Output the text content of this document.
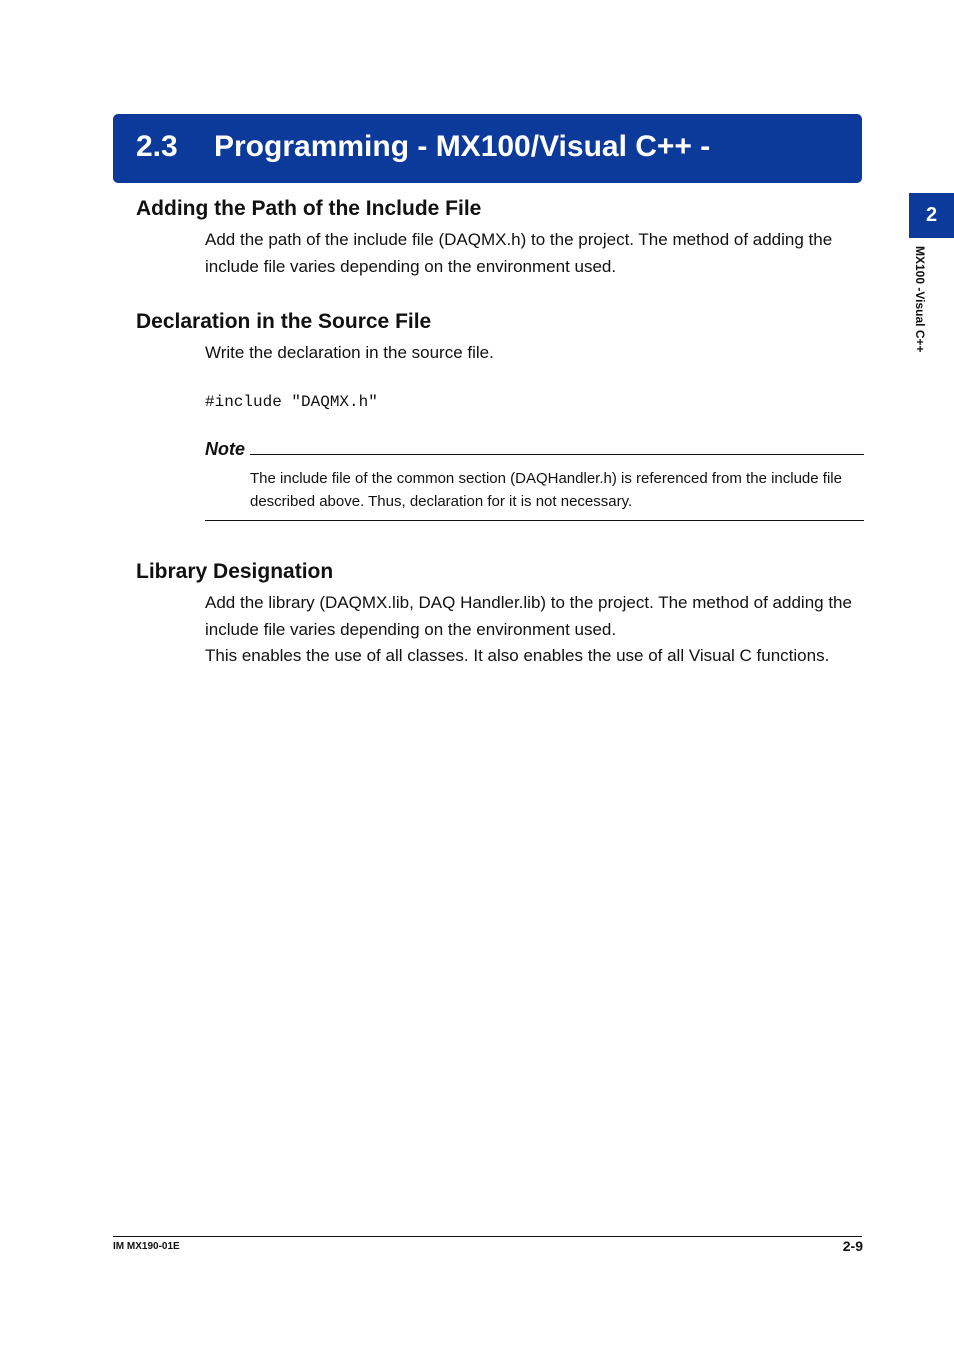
2.3 Programming - MX100/Visual C++ -
2
MX100 -Visual C++
Adding the Path of the Include File
Add the path of the include file (DAQMX.h) to the project. The method of adding the include file varies depending on the environment used.
Declaration in the Source File
Write the declaration in the source file.
#include "DAQMX.h"
Note
The include file of the common section (DAQHandler.h) is referenced from the include file described above. Thus, declaration for it is not necessary.
Library Designation
Add the library (DAQMX.lib, DAQ Handler.lib) to the project. The method of adding the include file varies depending on the environment used.
This enables the use of all classes. It also enables the use of all Visual C functions.
IM MX190-01E	2-9
